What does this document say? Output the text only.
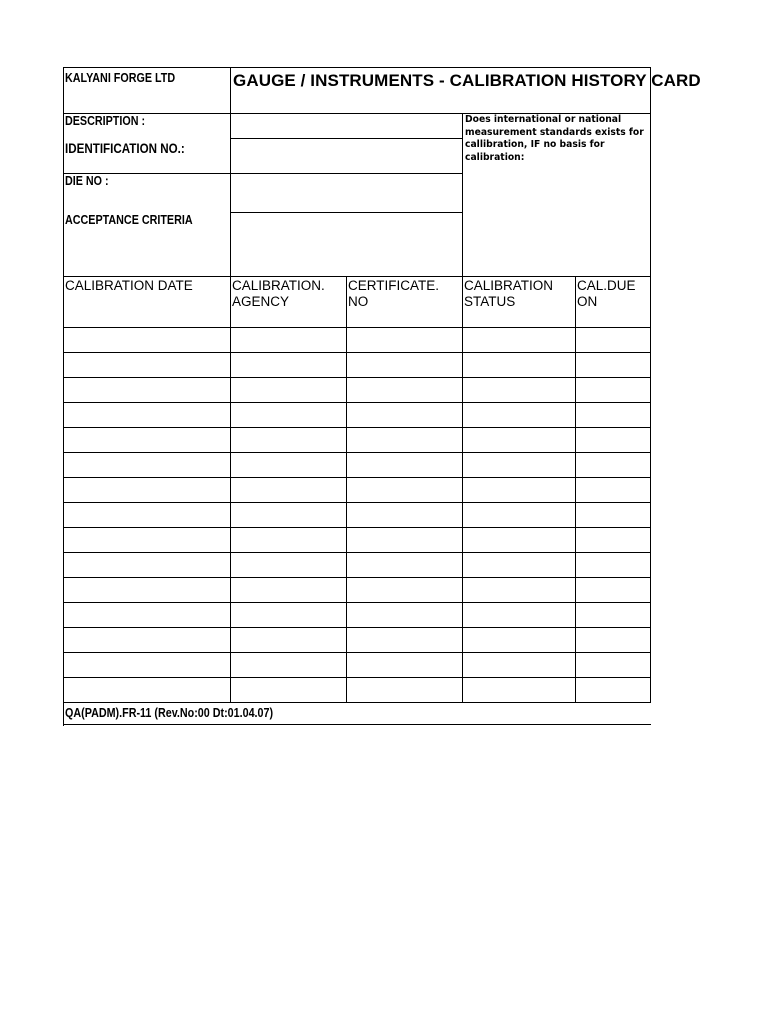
KALYANI FORGE LTD	GAUGE / INSTRUMENTS - CALIBRATION HISTORY CARD
DESCRIPTION :
IDENTIFICATION NO.:
DIE NO :
ACCEPTANCE CRITERIA
Does international or national measurement standards exists for callibration, IF no basis for calibration:
CALIBRATION DATE	CALIBRATION. AGENCY
CERTIFICATE. NO
CALIBRATION STATUS
CAL.DUE ON
QA(PADM).FR-11 (Rev.No:00 Dt:01.04.07)
